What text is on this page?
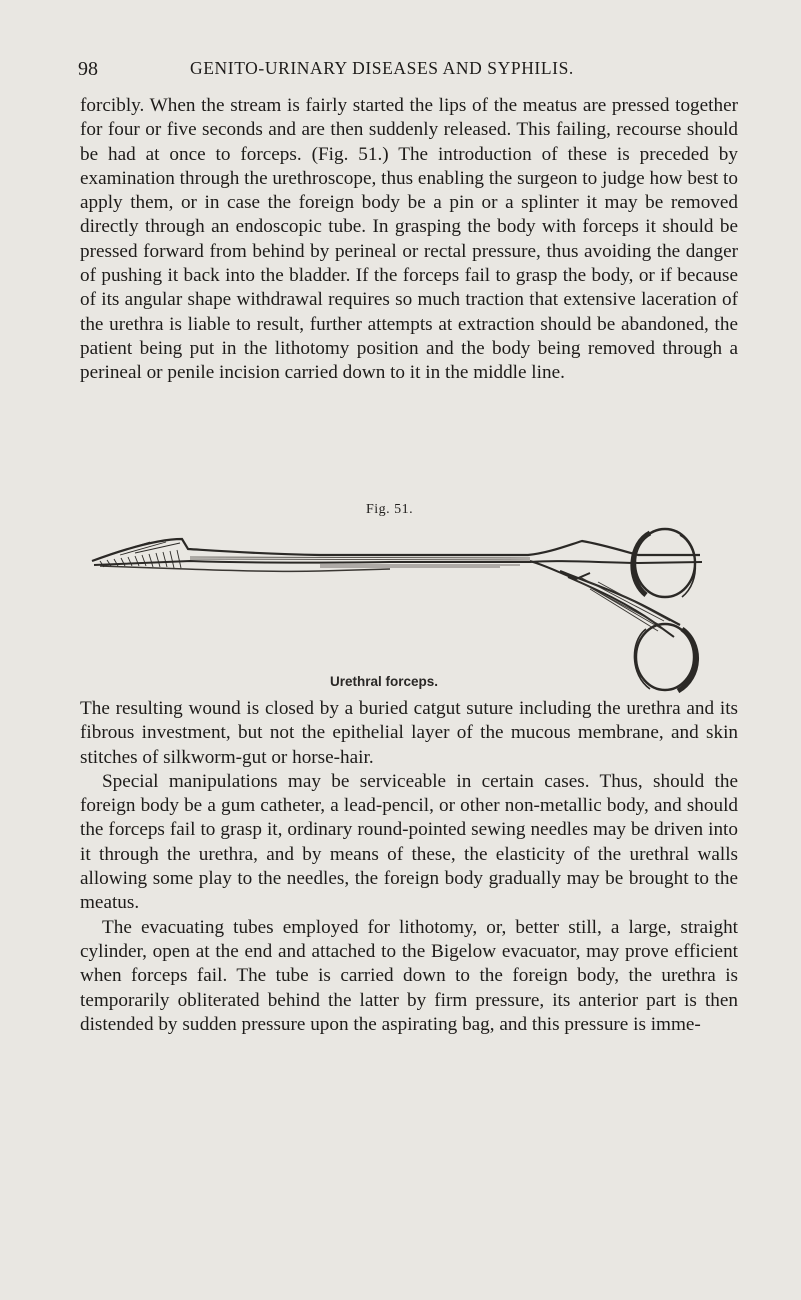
98	GENITO-URINARY DISEASES AND SYPHILIS.

forcibly. When the stream is fairly started the lips of the meatus are pressed together for four or five seconds and are then suddenly released. This failing, recourse should be had at once to forceps. (Fig. 51.) The introduction of these is preceded by examination through the urethroscope, thus enabling the surgeon to judge how best to apply them, or in case the foreign body be a pin or a splinter it may be removed directly through an endoscopic tube. In grasping the body with forceps it should be pressed forward from behind by perineal or rectal pressure, thus avoiding the danger of pushing it back into the bladder. If the forceps fail to grasp the body, or if because of its angular shape withdrawal requires so much traction that extensive laceration of the urethra is liable to result, further attempts at extraction should be abandoned, the patient being put in the lithotomy position and the body being removed through a perineal or penile incision carried down to it in the middle line.

Fig. 51.
Urethral forceps.

The resulting wound is closed by a buried catgut suture including the urethra and its fibrous investment, but not the epithelial layer of the mucous membrane, and skin stitches of silkworm-gut or horse-hair.

Special manipulations may be serviceable in certain cases. Thus, should the foreign body be a gum catheter, a lead-pencil, or other non-metallic body, and should the forceps fail to grasp it, ordinary round-pointed sewing needles may be driven into it through the urethra, and by means of these, the elasticity of the urethral walls allowing some play to the needles, the foreign body gradually may be brought to the meatus.

The evacuating tubes employed for lithotomy, or, better still, a large, straight cylinder, open at the end and attached to the Bigelow evacuator, may prove efficient when forceps fail. The tube is carried down to the foreign body, the urethra is temporarily obliterated behind the latter by firm pressure, its anterior part is then distended by sudden pressure upon the aspirating bag, and this pressure is imme-
